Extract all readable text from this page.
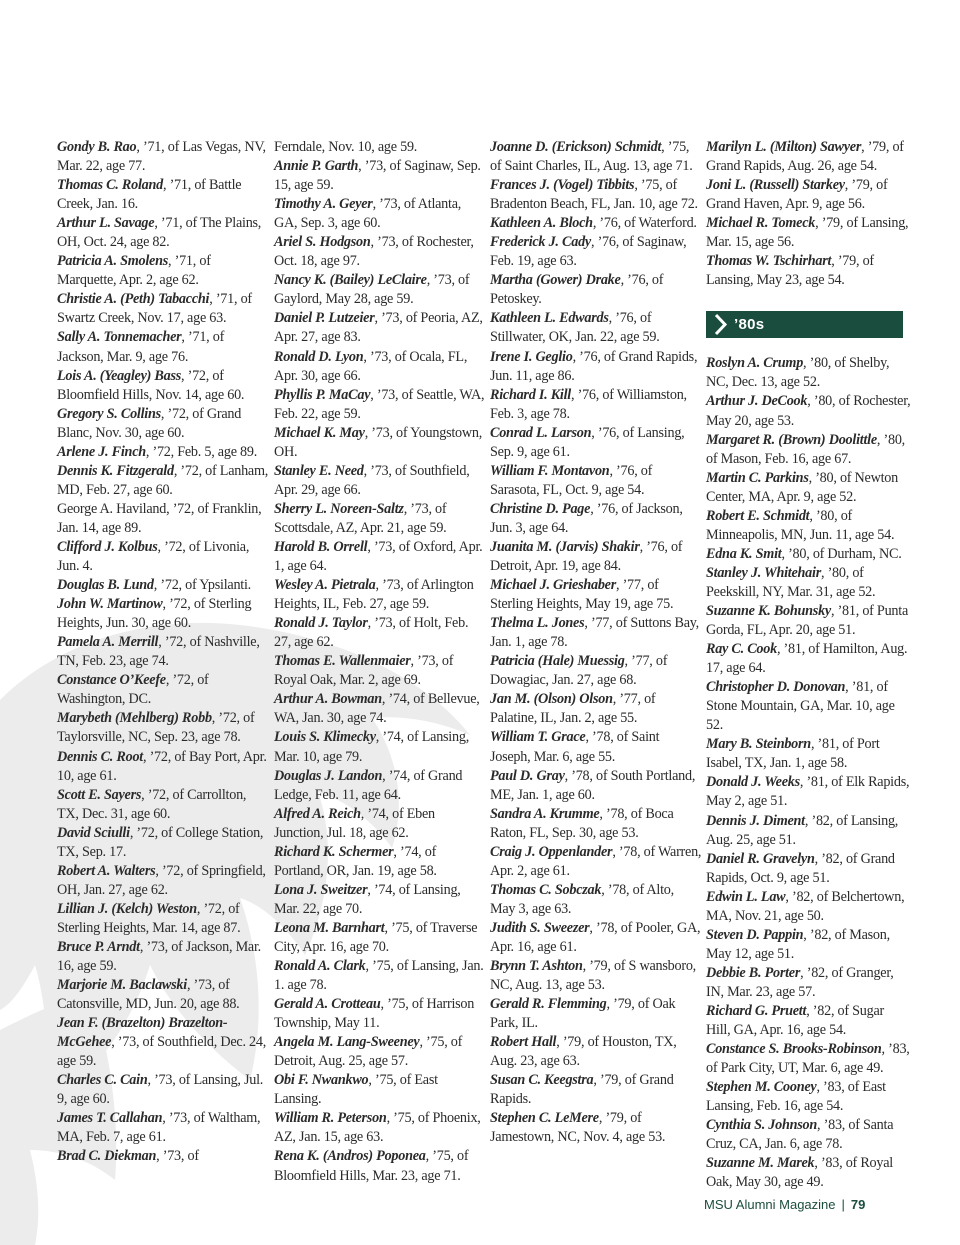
Gondy B. Rao, ’71, of Las Vegas, NV, Mar. 22, age 77.
Thomas C. Roland, ’71, of Battle Creek, Jan. 16.
Arthur L. Savage, ’71, of The Plains, OH, Oct. 24, age 82.
Patricia A. Smolens, ’71, of Marquette, Apr. 2, age 62.
Christie A. (Peth) Tabacchi, ’71, of Swartz Creek, Nov. 17, age 63.
Sally A. Tonnemacher, ’71, of Jackson, Mar. 9, age 76.
Lois A. (Yeagley) Bass, ’72, of Bloomfield Hills, Nov. 14, age 60.
Gregory S. Collins, ’72, of Grand Blanc, Nov. 30, age 60.
Arlene J. Finch, ’72, Feb. 5, age 89.
Dennis K. Fitzgerald, ’72, of Lanham, MD, Feb. 27, age 60.
George A. Haviland, ’72, of Franklin, Jan. 14, age 89.
Clifford J. Kolbus, ’72, of Livonia, Jun. 4.
Douglas B. Lund, ’72, of Ypsilanti.
John W. Martinow, ’72, of Sterling Heights, Jun. 30, age 60.
Pamela A. Merrill, ’72, of Nashville, TN, Feb. 23, age 74.
Constance O’Keefe, ’72, of Washington, DC.
Marybeth (Mehlberg) Robb, ’72, of Taylorsville, NC, Sep. 23, age 78.
Dennis C. Root, ’72, of Bay Port, Apr. 10, age 61.
Scott E. Sayers, ’72, of Carrollton, TX, Dec. 31, age 60.
David Sciulli, ’72, of College Station, TX, Sep. 17.
Robert A. Walters, ’72, of Springfield, OH, Jan. 27, age 62.
Lillian J. (Kelch) Weston, ’72, of Sterling Heights, Mar. 14, age 87.
Bruce P. Arndt, ’73, of Jackson, Mar. 16, age 59.
Marjorie M. Baclawski, ’73, of Catonsville, MD, Jun. 20, age 88.
Jean F. (Brazelton) Brazelton-McGehee, ’73, of Southfield, Dec. 24, age 59.
Charles C. Cain, ’73, of Lansing, Jul. 9, age 60.
James T. Callahan, ’73, of Waltham, MA, Feb. 7, age 61.
Brad C. Diekman, ’73, of
Ferndale, Nov. 10, age 59.
Annie P. Garth, ’73, of Saginaw, Sep. 15, age 59.
Timothy A. Geyer, ’73, of Atlanta, GA, Sep. 3, age 60.
Ariel S. Hodgson, ’73, of Rochester, Oct. 18, age 97.
Nancy K. (Bailey) LeClaire, ’73, of Gaylord, May 28, age 59.
Daniel P. Lutzeier, ’73, of Peoria, AZ, Apr. 27, age 83.
Ronald D. Lyon, ’73, of Ocala, FL, Apr. 30, age 66.
Phyllis P. MaCay, ’73, of Seattle, WA, Feb. 22, age 59.
Michael K. May, ’73, of Youngstown, OH.
Stanley E. Need, ’73, of Southfield, Apr. 29, age 66.
Sherry L. Noreen-Saltz, ’73, of Scottsdale, AZ, Apr. 21, age 59.
Harold B. Orrell, ’73, of Oxford, Apr. 1, age 64.
Wesley A. Pietrala, ’73, of Arlington Heights, IL, Feb. 27, age 59.
Ronald J. Taylor, ’73, of Holt, Feb. 27, age 62.
Thomas E. Wallenmaier, ’73, of Royal Oak, Mar. 2, age 69.
Arthur A. Bowman, ’74, of Bellevue, WA, Jan. 30, age 74.
Louis S. Klimecky, ’74, of Lansing, Mar. 10, age 79.
Douglas J. Landon, ’74, of Grand Ledge, Feb. 11, age 64.
Alfred A. Reich, ’74, of Eben Junction, Jul. 18, age 62.
Richard K. Schermer, ’74, of Portland, OR, Jan. 19, age 58.
Lona J. Sweitzer, ’74, of Lansing, Mar. 22, age 70.
Leona M. Barnhart, ’75, of Traverse City, Apr. 16, age 70.
Ronald A. Clark, ’75, of Lansing, Jan. 1. age 78.
Gerald A. Crotteau, ’75, of Harrison Township, May 11.
Angela M. Lang-Sweeney, ’75, of Detroit, Aug. 25, age 57.
Obi F. Nwankwo, ’75, of East Lansing.
William R. Peterson, ’75, of Phoenix, AZ, Jan. 15, age 63.
Rena K. (Andros) Poponea, ’75, of Bloomfield Hills, Mar. 23, age 71.
Joanne D. (Erickson) Schmidt, ’75, of Saint Charles, IL, Aug. 13, age 71.
Frances J. (Vogel) Tibbits, ’75, of Bradenton Beach, FL, Jan. 10, age 72.
Kathleen A. Bloch, ’76, of Waterford.
Frederick J. Cady, ’76, of Saginaw, Feb. 19, age 63.
Martha (Gower) Drake, ’76, of Petoskey.
Kathleen L. Edwards, ’76, of Stillwater, OK, Jan. 22, age 59.
Irene I. Geglio, ’76, of Grand Rapids, Jun. 11, age 86.
Richard I. Kill, ’76, of Williamston, Feb. 3, age 78.
Conrad L. Larson, ’76, of Lansing, Sep. 9, age 61.
William F. Montavon, ’76, of Sarasota, FL, Oct. 9, age 54.
Christine D. Page, ’76, of Jackson, Jun. 3, age 64.
Juanita M. (Jarvis) Shakir, ’76, of Detroit, Apr. 19, age 84.
Michael J. Grieshaber, ’77, of Sterling Heights, May 19, age 75.
Thelma L. Jones, ’77, of Suttons Bay, Jan. 1, age 78.
Patricia (Hale) Muessig, ’77, of Dowagiac, Jan. 27, age 68.
Jan M. (Olson) Olson, ’77, of Palatine, IL, Jan. 2, age 55.
William T. Grace, ’78, of Saint Joseph, Mar. 6, age 55.
Paul D. Gray, ’78, of South Portland, ME, Jan. 1, age 60.
Sandra A. Krumme, ’78, of Boca Raton, FL, Sep. 30, age 53.
Craig J. Oppenlander, ’78, of Warren, Apr. 2, age 61.
Thomas C. Sobczak, ’78, of Alto, May 3, age 63.
Judith S. Sweezer, ’78, of Pooler, GA, Apr. 16, age 61.
Brynn T. Ashton, ’79, of S wansboro, NC, Aug. 13, age 53.
Gerald R. Flemming, ’79, of Oak Park, IL.
Robert Hall, ’79, of Houston, TX, Aug. 23, age 63.
Susan C. Keegstra, ’79, of Grand Rapids.
Stephen C. LeMere, ’79, of Jamestown, NC, Nov. 4, age 53.
Marilyn L. (Milton) Sawyer, ’79, of Grand Rapids, Aug. 26, age 54.
Joni L. (Russell) Starkey, ’79, of Grand Haven, Apr. 9, age 56.
Michael R. Tomeck, ’79, of Lansing, Mar. 15, age 56.
Thomas W. Tschirhart, ’79, of Lansing, May 23, age 54.
’80s
Roslyn A. Crump, ’80, of Shelby, NC, Dec. 13, age 52.
Arthur J. DeCook, ’80, of Rochester, May 20, age 53.
Margaret R. (Brown) Doolittle, ’80, of Mason, Feb. 16, age 67.
Martin C. Parkins, ’80, of Newton Center, MA, Apr. 9, age 52.
Robert E. Schmidt, ’80, of Minneapolis, MN, Jun. 11, age 54.
Edna K. Smit, ’80, of Durham, NC.
Stanley J. Whitehair, ’80, of Peekskill, NY, Mar. 31, age 52.
Suzanne K. Bohunsky, ’81, of Punta Gorda, FL, Apr. 20, age 51.
Ray C. Cook, ’81, of Hamilton, Aug. 17, age 64.
Christopher D. Donovan, ’81, of Stone Mountain, GA, Mar. 10, age 52.
Mary B. Steinborn, ’81, of Port Isabel, TX, Jan. 1, age 58.
Donald J. Weeks, ’81, of Elk Rapids, May 2, age 51.
Dennis J. Diment, ’82, of Lansing, Aug. 25, age 51.
Daniel R. Gravelyn, ’82, of Grand Rapids, Oct. 9, age 51.
Edwin L. Law, ’82, of Belchertown, MA, Nov. 21, age 50.
Steven D. Pappin, ’82, of Mason, May 12, age 51.
Debbie B. Porter, ’82, of Granger, IN, Mar. 23, age 57.
Richard G. Pruett, ’82, of Sugar Hill, GA, Apr. 16, age 54.
Constance S. Brooks-Robinson, ’83, of Park City, UT, Mar. 6, age 49.
Stephen M. Cooney, ’83, of East Lansing, Feb. 16, age 54.
Cynthia S. Johnson, ’83, of Santa Cruz, CA, Jan. 6, age 78.
Suzanne M. Marek, ’83, of Royal Oak, May 30, age 49.
MSU Alumni Magazine | 79
